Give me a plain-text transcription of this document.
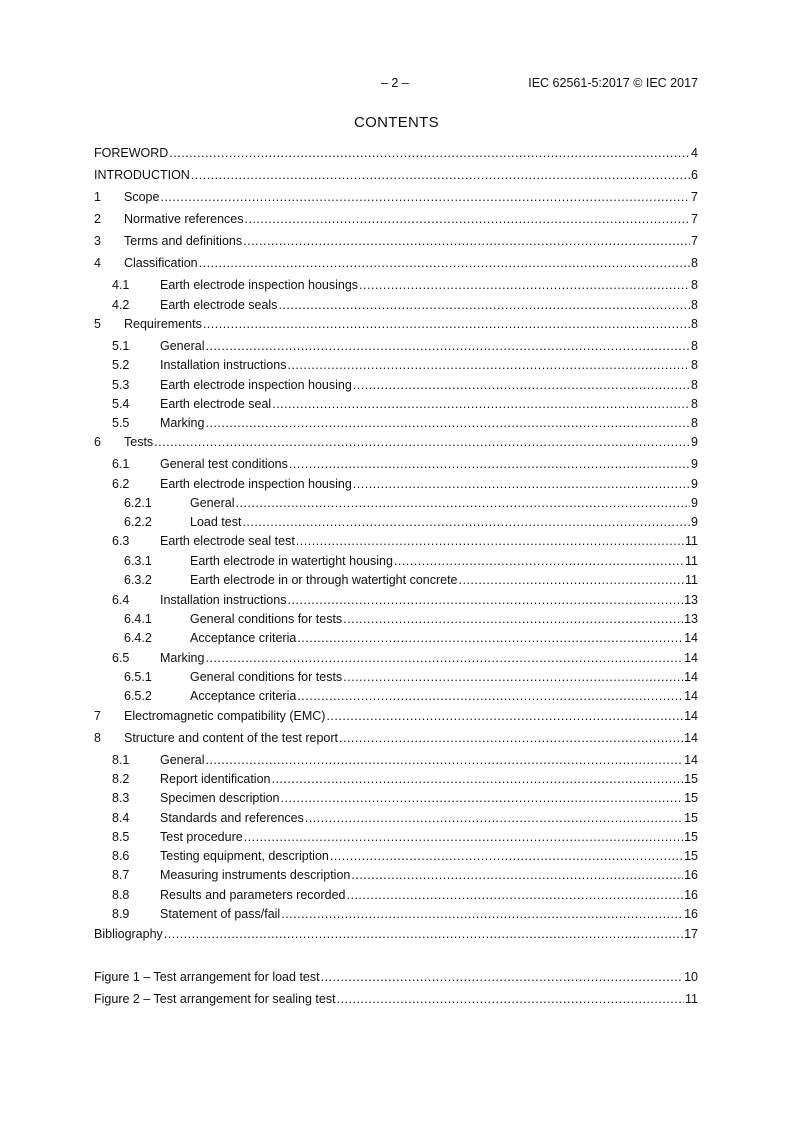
– 2 –	IEC 62561-5:2017 © IEC 2017
CONTENTS
FOREWORD .....	4
INTRODUCTION .....	6
1	Scope .....	7
2	Normative references .....	7
3	Terms and definitions .....	7
4	Classification .....	8
4.1	Earth electrode inspection housings .....	8
4.2	Earth electrode seals .....	8
5	Requirements .....	8
5.1	General .....	8
5.2	Installation instructions .....	8
5.3	Earth electrode inspection housing .....	8
5.4	Earth electrode seal .....	8
5.5	Marking .....	8
6	Tests .....	9
6.1	General test conditions .....	9
6.2	Earth electrode inspection housing .....	9
6.2.1	General .....	9
6.2.2	Load test .....	9
6.3	Earth electrode seal test .....	11
6.3.1	Earth electrode in watertight housing .....	11
6.3.2	Earth electrode in or through watertight concrete .....	11
6.4	Installation instructions .....	13
6.4.1	General conditions for tests .....	13
6.4.2	Acceptance criteria .....	14
6.5	Marking .....	14
6.5.1	General conditions for tests .....	14
6.5.2	Acceptance criteria .....	14
7	Electromagnetic compatibility (EMC) .....	14
8	Structure and content of the test report .....	14
8.1	General .....	14
8.2	Report identification .....	15
8.3	Specimen description .....	15
8.4	Standards and references .....	15
8.5	Test procedure .....	15
8.6	Testing equipment, description .....	15
8.7	Measuring instruments description .....	16
8.8	Results and parameters recorded .....	16
8.9	Statement of pass/fail .....	16
Bibliography .....	17
Figure 1 – Test arrangement for load test .....	10
Figure 2 – Test arrangement for sealing test .....	11
